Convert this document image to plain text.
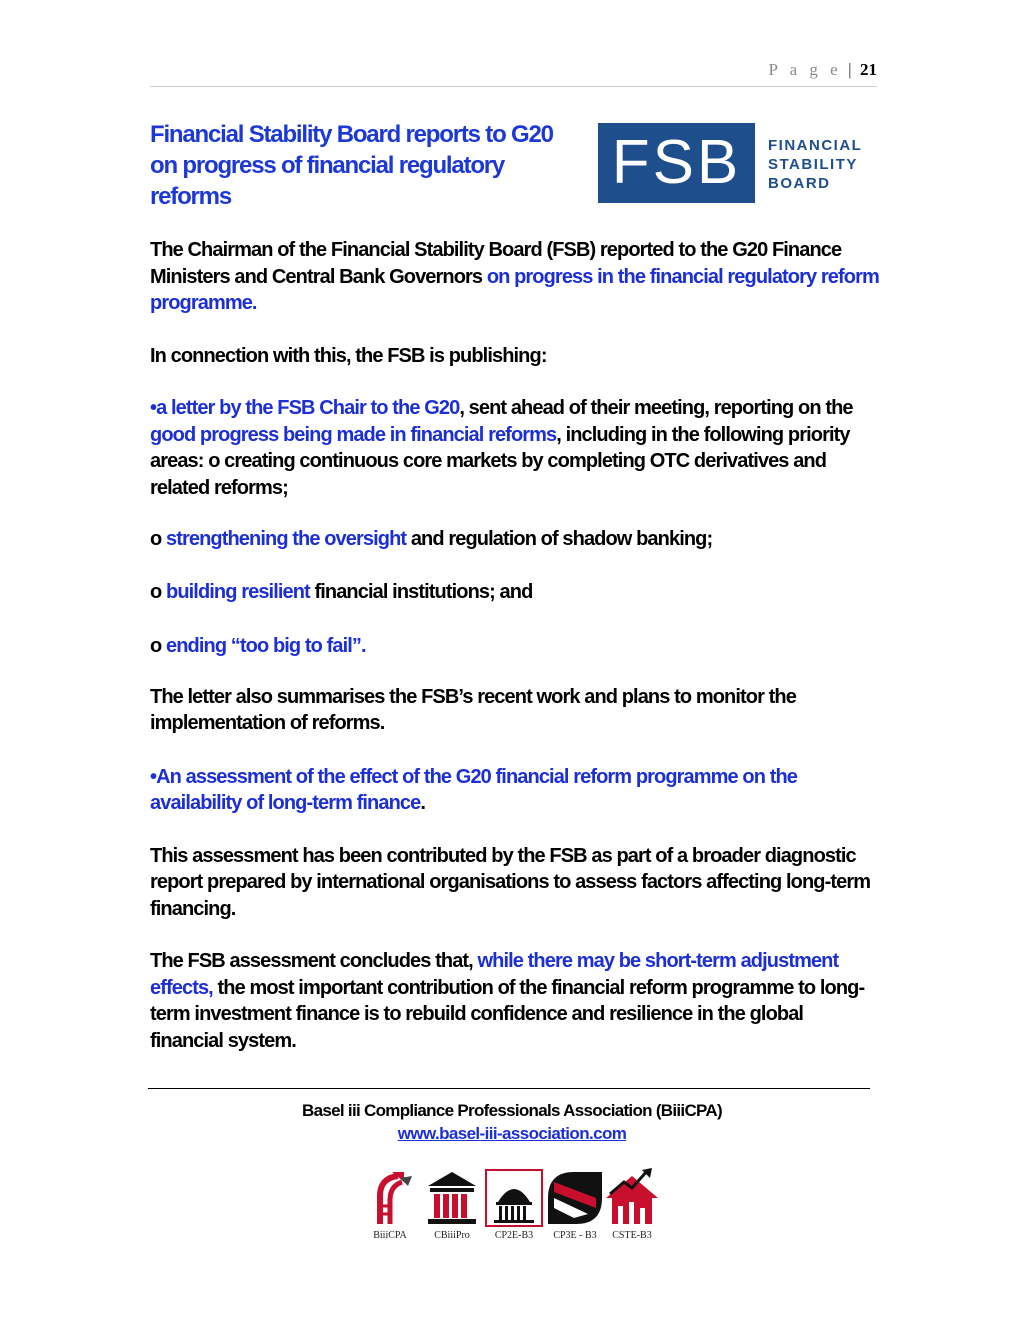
P a g e | 21
Financial Stability Board reports to G20 on progress of financial regulatory reforms	FSB	FINANCIAL
STABILITY
BOARD

The Chairman of the Financial Stability Board (FSB) reported to the G20 Finance Ministers and Central Bank Governors on progress in the financial regulatory reform programme.

In connection with this, the FSB is publishing:

•a letter by the FSB Chair to the G20, sent ahead of their meeting, reporting on the good progress being made in financial reforms, including in the following priority areas: o creating continuous core markets by completing OTC derivatives and related reforms;

o strengthening the oversight and regulation of shadow banking;

o building resilient financial institutions; and

o ending “too big to fail”.

The letter also summarises the FSB’s recent work and plans to monitor the implementation of reforms.

•An assessment of the effect of the G20 financial reform programme on the availability of long-term finance.

This assessment has been contributed by the FSB as part of a broader diagnostic report prepared by international organisations to assess factors affecting long-term financing.

The FSB assessment concludes that, while there may be short-term adjustment effects, the most important contribution of the financial reform programme to long-term investment finance is to rebuild confidence and resilience in the global financial system.

Basel iii Compliance Professionals Association (BiiiCPA)
www.basel-iii-association.com
BiiiCPA	CBiiiPro	CP2E-B3	CP3E - B3	CSTE-B3
